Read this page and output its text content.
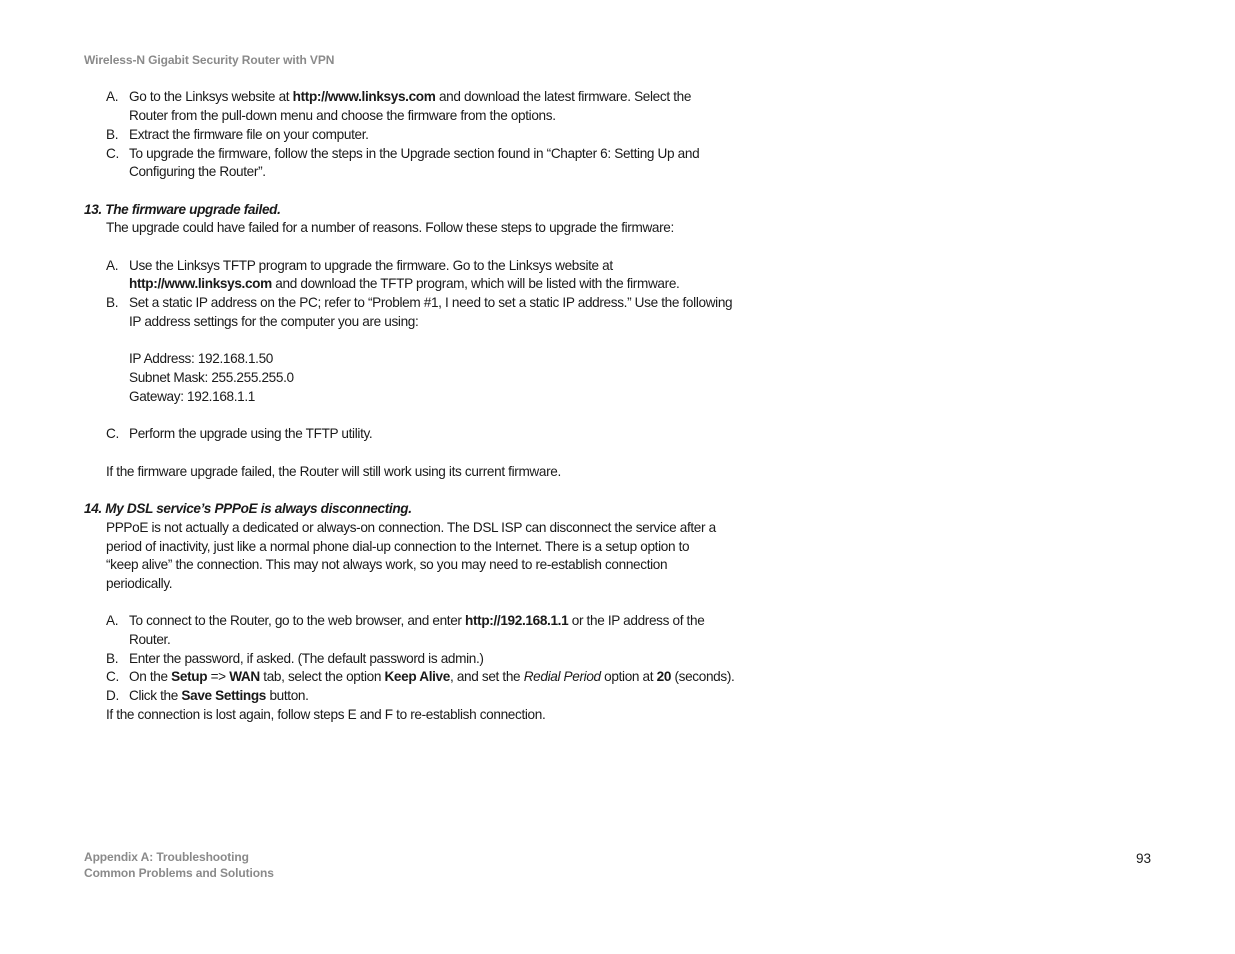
Wireless-N Gigabit Security Router with VPN
A. Go to the Linksys website at http://www.linksys.com and download the latest firmware. Select the
Router from the pull-down menu and choose the firmware from the options.
B. Extract the firmware file on your computer.
C. To upgrade the firmware, follow the steps in the Upgrade section found in “Chapter 6: Setting Up and
Configuring the Router”.
13. The firmware upgrade failed.
The upgrade could have failed for a number of reasons. Follow these steps to upgrade the firmware:
A. Use the Linksys TFTP program to upgrade the firmware. Go to the Linksys website at
http://www.linksys.com and download the TFTP program, which will be listed with the firmware.
B. Set a static IP address on the PC; refer to “Problem #1, I need to set a static IP address.” Use the following
IP address settings for the computer you are using:
IP Address: 192.168.1.50
Subnet Mask: 255.255.255.0
Gateway: 192.168.1.1
C. Perform the upgrade using the TFTP utility.
If the firmware upgrade failed, the Router will still work using its current firmware.
14. My DSL service’s PPPoE is always disconnecting.
PPPoE is not actually a dedicated or always-on connection. The DSL ISP can disconnect the service after a
period of inactivity, just like a normal phone dial-up connection to the Internet. There is a setup option to
“keep alive” the connection. This may not always work, so you may need to re-establish connection
periodically.
A. To connect to the Router, go to the web browser, and enter http://192.168.1.1 or the IP address of the
Router.
B. Enter the password, if asked. (The default password is admin.)
C. On the Setup => WAN tab, select the option Keep Alive, and set the Redial Period option at 20 (seconds).
D. Click the Save Settings button.
If the connection is lost again, follow steps E and F to re-establish connection.
Appendix A: Troubleshooting
Common Problems and Solutions
93
